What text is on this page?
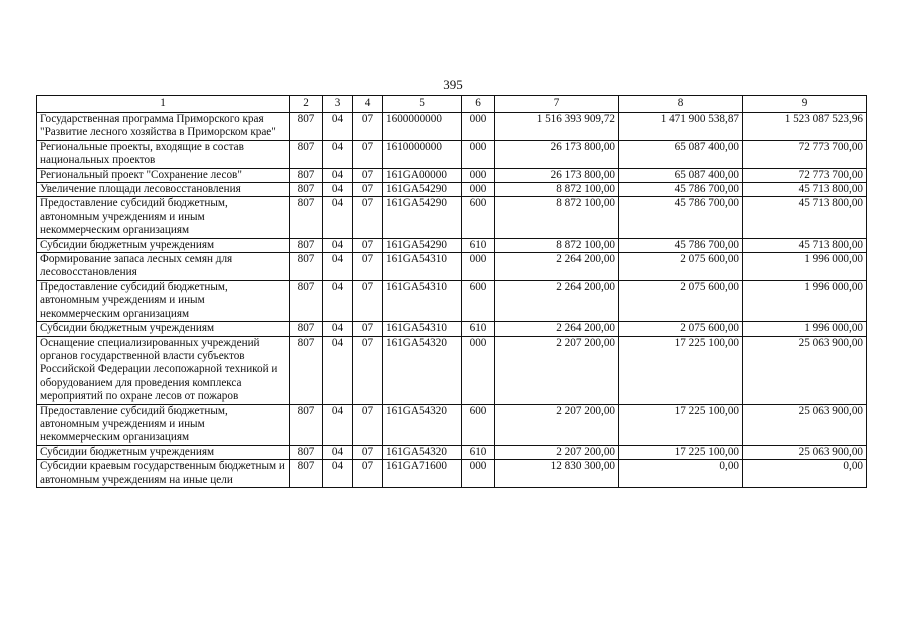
395
1	2	3	4	5	6	7	8	9
Государственная программа Приморского края "Развитие лесного хозяйства в Приморском крае"	807	04	07	1600000000	000	1 516 393 909,72	1 471 900 538,87	1 523 087 523,96
Региональные проекты, входящие в состав национальных проектов	807	04	07	1610000000	000	26 173 800,00	65 087 400,00	72 773 700,00
Региональный проект "Сохранение лесов"	807	04	07	161GA00000	000	26 173 800,00	65 087 400,00	72 773 700,00
Увеличение площади лесовосстановления	807	04	07	161GA54290	000	8 872 100,00	45 786 700,00	45 713 800,00
Предоставление субсидий бюджетным, автономным учреждениям и иным некоммерческим организациям	807	04	07	161GA54290	600	8 872 100,00	45 786 700,00	45 713 800,00
Субсидии бюджетным учреждениям	807	04	07	161GA54290	610	8 872 100,00	45 786 700,00	45 713 800,00
Формирование запаса лесных семян для лесовосстановления	807	04	07	161GA54310	000	2 264 200,00	2 075 600,00	1 996 000,00
Предоставление субсидий бюджетным, автономным учреждениям и иным некоммерческим организациям	807	04	07	161GA54310	600	2 264 200,00	2 075 600,00	1 996 000,00
Субсидии бюджетным учреждениям	807	04	07	161GA54310	610	2 264 200,00	2 075 600,00	1 996 000,00
Оснащение специализированных учреждений органов государственной власти субъектов Российской Федерации лесопожарной техникой и оборудованием для проведения комплекса мероприятий по охране лесов от пожаров	807	04	07	161GA54320	000	2 207 200,00	17 225 100,00	25 063 900,00
Предоставление субсидий бюджетным, автономным учреждениям и иным некоммерческим организациям	807	04	07	161GA54320	600	2 207 200,00	17 225 100,00	25 063 900,00
Субсидии бюджетным учреждениям	807	04	07	161GA54320	610	2 207 200,00	17 225 100,00	25 063 900,00
Субсидии краевым государственным бюджетным и автономным учреждениям на иные цели	807	04	07	161GA71600	000	12 830 300,00	0,00	0,00
